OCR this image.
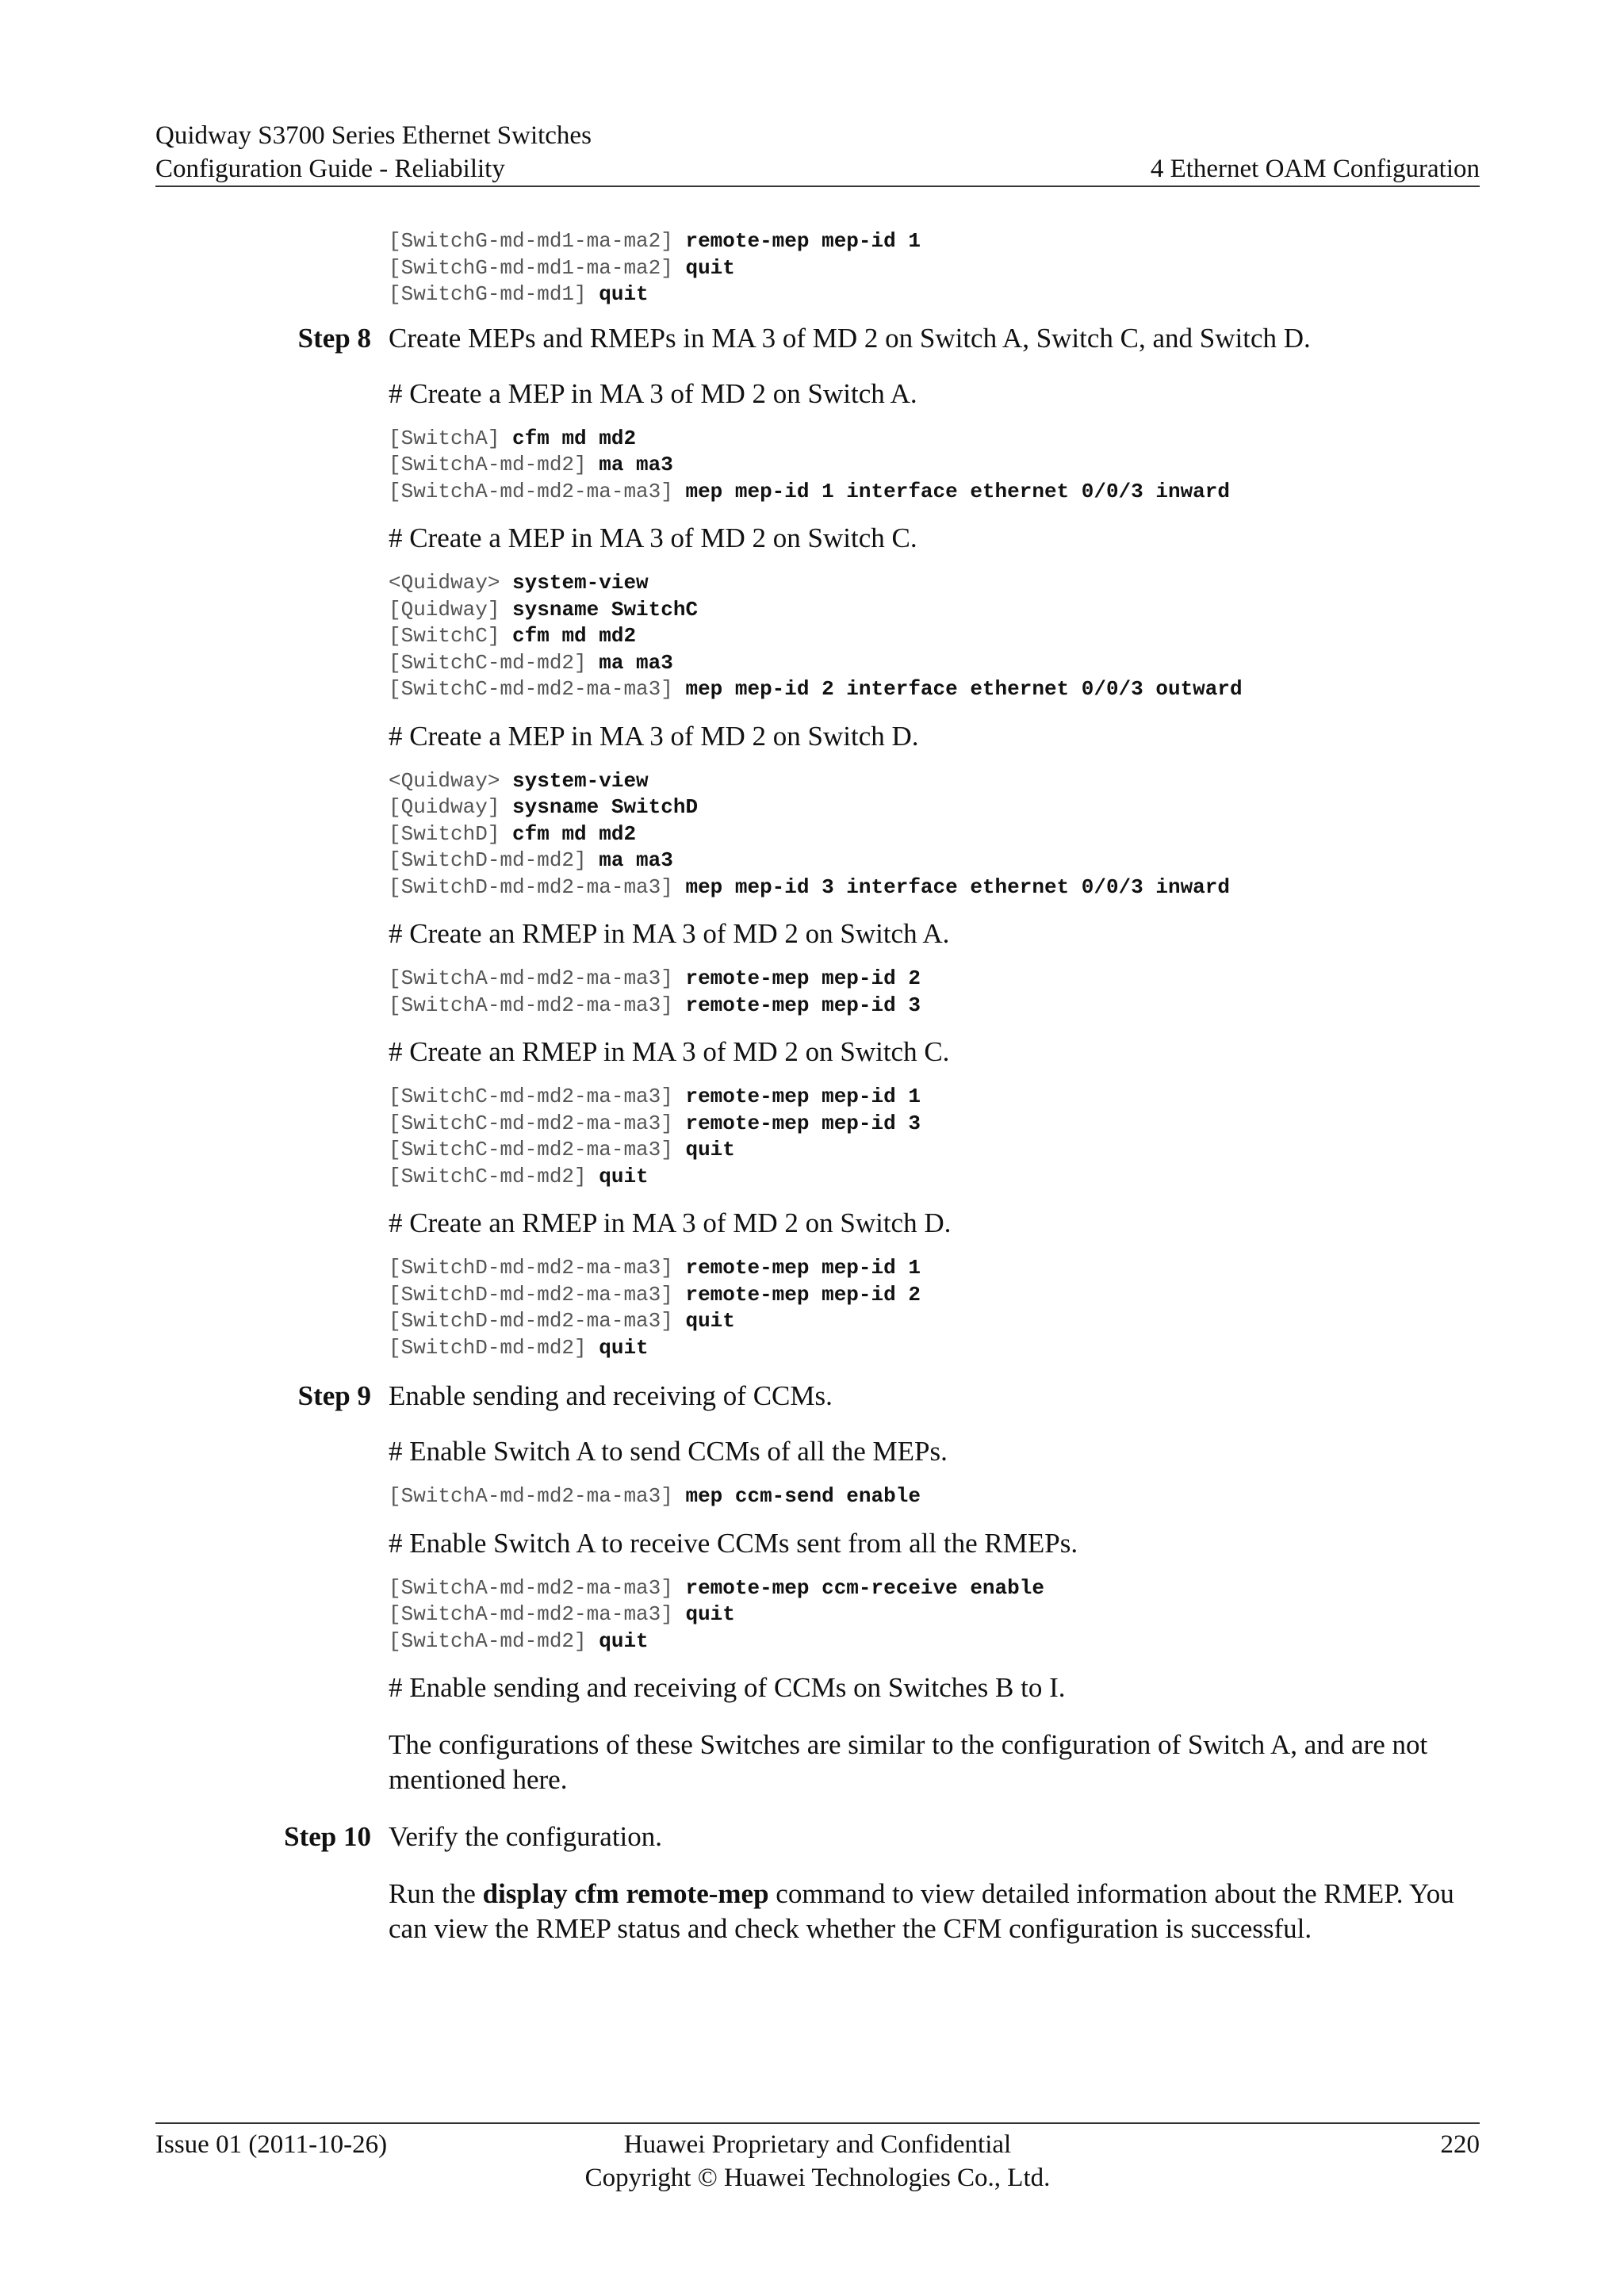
Quidway S3700 Series Ethernet Switches
Configuration Guide - Reliability	4 Ethernet OAM Configuration
[SwitchG-md-md1-ma-ma2] remote-mep mep-id 1
[SwitchG-md-md1-ma-ma2] quit
[SwitchG-md-md1] quit
Step 8 Create MEPs and RMEPs in MA 3 of MD 2 on Switch A, Switch C, and Switch D.
# Create a MEP in MA 3 of MD 2 on Switch A.
[SwitchA] cfm md md2
[SwitchA-md-md2] ma ma3
[SwitchA-md-md2-ma-ma3] mep mep-id 1 interface ethernet 0/0/3 inward
# Create a MEP in MA 3 of MD 2 on Switch C.
<Quidway> system-view
[Quidway] sysname SwitchC
[SwitchC] cfm md md2
[SwitchC-md-md2] ma ma3
[SwitchC-md-md2-ma-ma3] mep mep-id 2 interface ethernet 0/0/3 outward
# Create a MEP in MA 3 of MD 2 on Switch D.
<Quidway> system-view
[Quidway] sysname SwitchD
[SwitchD] cfm md md2
[SwitchD-md-md2] ma ma3
[SwitchD-md-md2-ma-ma3] mep mep-id 3 interface ethernet 0/0/3 inward
# Create an RMEP in MA 3 of MD 2 on Switch A.
[SwitchA-md-md2-ma-ma3] remote-mep mep-id 2
[SwitchA-md-md2-ma-ma3] remote-mep mep-id 3
# Create an RMEP in MA 3 of MD 2 on Switch C.
[SwitchC-md-md2-ma-ma3] remote-mep mep-id 1
[SwitchC-md-md2-ma-ma3] remote-mep mep-id 3
[SwitchC-md-md2-ma-ma3] quit
[SwitchC-md-md2] quit
# Create an RMEP in MA 3 of MD 2 on Switch D.
[SwitchD-md-md2-ma-ma3] remote-mep mep-id 1
[SwitchD-md-md2-ma-ma3] remote-mep mep-id 2
[SwitchD-md-md2-ma-ma3] quit
[SwitchD-md-md2] quit
Step 9 Enable sending and receiving of CCMs.
# Enable Switch A to send CCMs of all the MEPs.
[SwitchA-md-md2-ma-ma3] mep ccm-send enable
# Enable Switch A to receive CCMs sent from all the RMEPs.
[SwitchA-md-md2-ma-ma3] remote-mep ccm-receive enable
[SwitchA-md-md2-ma-ma3] quit
[SwitchA-md-md2] quit
# Enable sending and receiving of CCMs on Switches B to I.
The configurations of these Switches are similar to the configuration of Switch A, and are not mentioned here.
Step 10 Verify the configuration.
Run the display cfm remote-mep command to view detailed information about the RMEP. You can view the RMEP status and check whether the CFM configuration is successful.
Issue 01 (2011-10-26)	Huawei Proprietary and Confidential
Copyright © Huawei Technologies Co., Ltd.
220
